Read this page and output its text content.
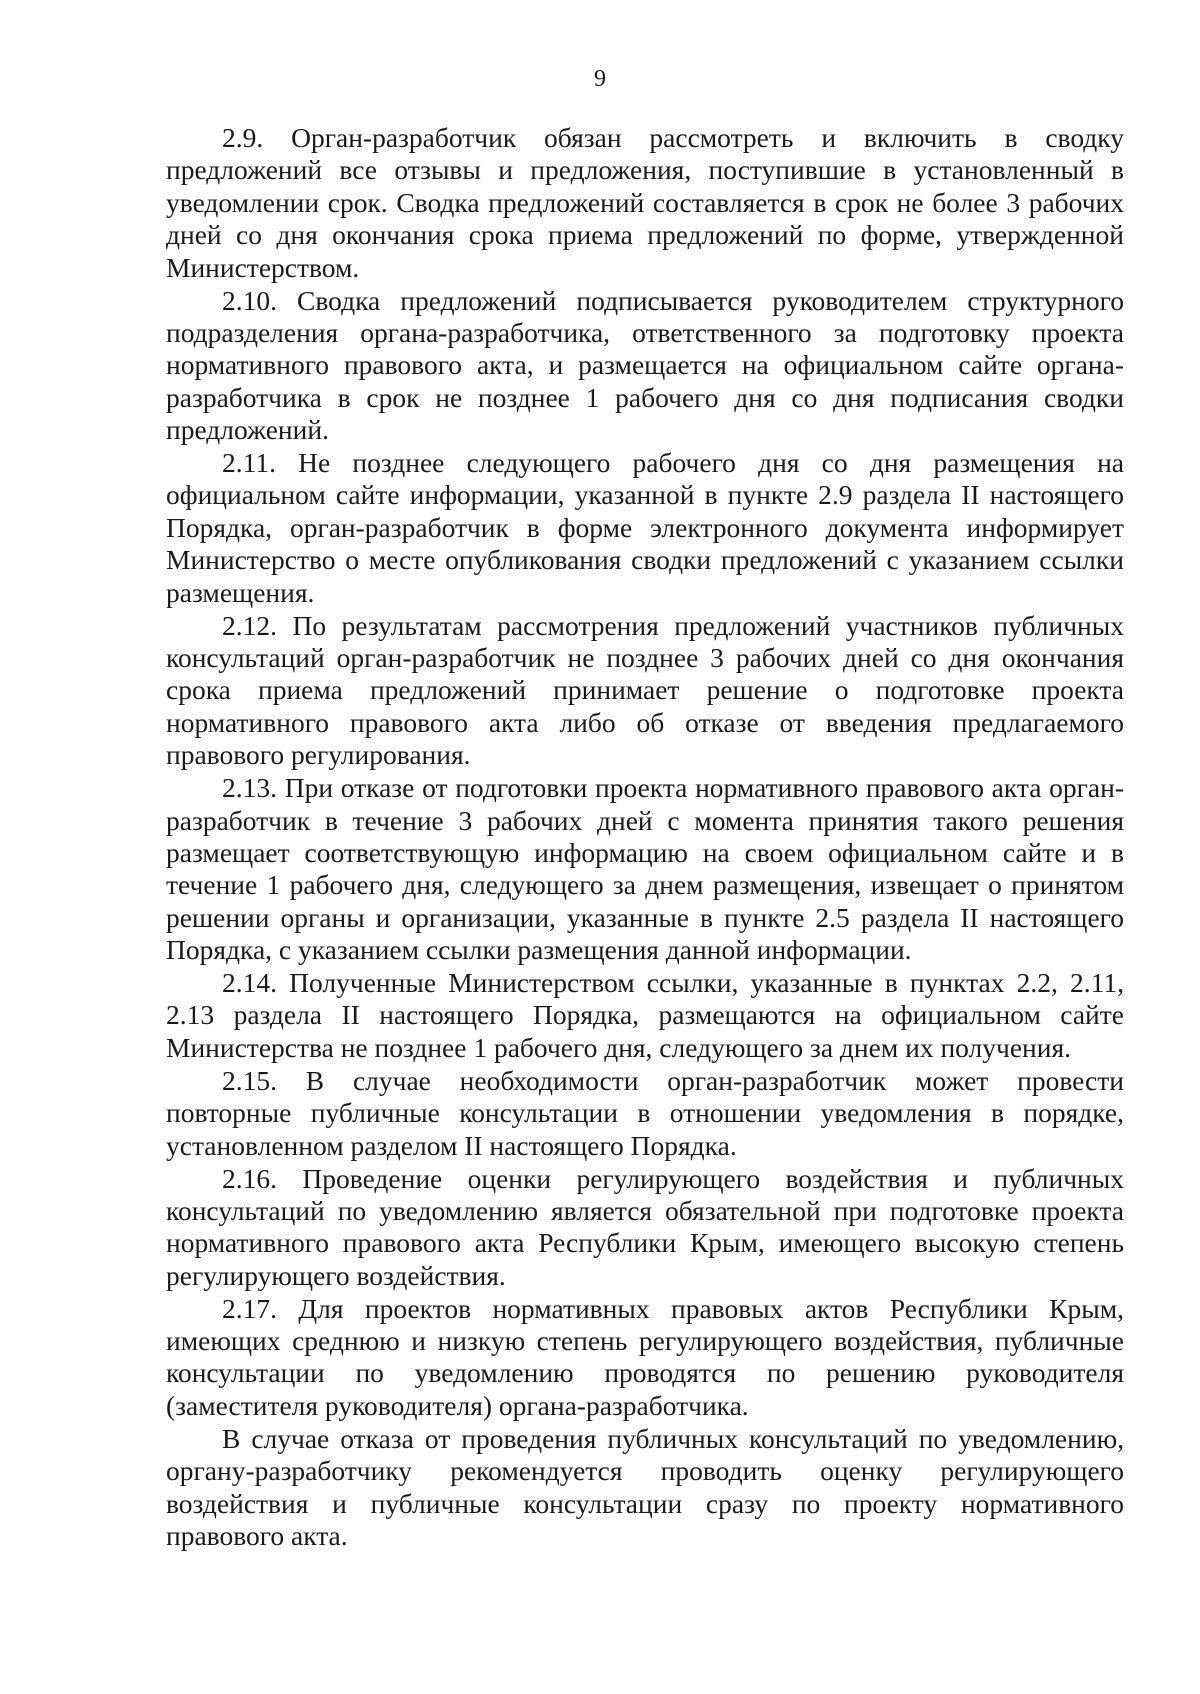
9

2.9. Орган-разработчик обязан рассмотреть и включить в сводку предложений все отзывы и предложения, поступившие в установленный в уведомлении срок. Сводка предложений составляется в срок не более 3 рабочих дней со дня окончания срока приема предложений по форме, утвержденной Министерством.

2.10. Сводка предложений подписывается руководителем структурного подразделения органа-разработчика, ответственного за подготовку проекта нормативного правового акта, и размещается на официальном сайте органа-разработчика в срок не позднее 1 рабочего дня со дня подписания сводки предложений.

2.11. Не позднее следующего рабочего дня со дня размещения на официальном сайте информации, указанной в пункте 2.9 раздела II настоящего Порядка, орган-разработчик в форме электронного документа информирует Министерство о месте опубликования сводки предложений с указанием ссылки размещения.

2.12. По результатам рассмотрения предложений участников публичных консультаций орган-разработчик не позднее 3 рабочих дней со дня окончания срока приема предложений принимает решение о подготовке проекта нормативного правового акта либо об отказе от введения предлагаемого правового регулирования.

2.13. При отказе от подготовки проекта нормативного правового акта орган-разработчик в течение 3 рабочих дней с момента принятия такого решения размещает соответствующую информацию на своем официальном сайте и в течение 1 рабочего дня, следующего за днем размещения, извещает о принятом решении органы и организации, указанные в пункте 2.5 раздела II настоящего Порядка, с указанием ссылки размещения данной информации.

2.14. Полученные Министерством ссылки, указанные в пунктах 2.2, 2.11, 2.13 раздела II настоящего Порядка, размещаются на официальном сайте Министерства не позднее 1 рабочего дня, следующего за днем их получения.

2.15. В случае необходимости орган-разработчик может провести повторные публичные консультации в отношении уведомления в порядке, установленном разделом II настоящего Порядка.

2.16. Проведение оценки регулирующего воздействия и публичных консультаций по уведомлению является обязательной при подготовке проекта нормативного правового акта Республики Крым, имеющего высокую степень регулирующего воздействия.

2.17. Для проектов нормативных правовых актов Республики Крым, имеющих среднюю и низкую степень регулирующего воздействия, публичные консультации по уведомлению проводятся по решению руководителя (заместителя руководителя) органа-разработчика.

В случае отказа от проведения публичных консультаций по уведомлению, органу-разработчику рекомендуется проводить оценку регулирующего воздействия и публичные консультации сразу по проекту нормативного правового акта.
